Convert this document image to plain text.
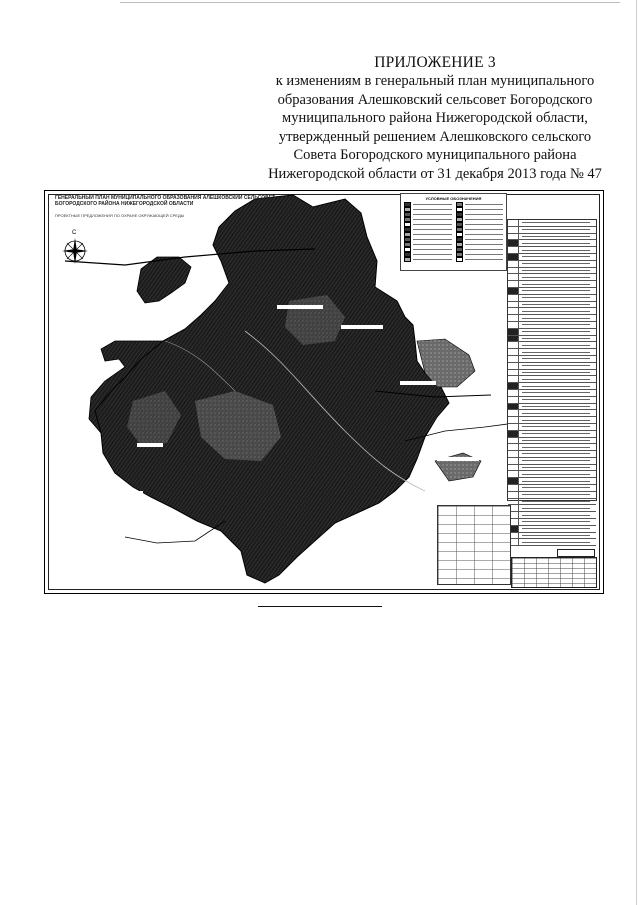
ПРИЛОЖЕНИЕ 3
к изменениям в генеральный план муниципального
образования Алешковский сельсовет Богородского
муниципального района Нижегородской области,
утвержденный решением Алешковского сельского
Совета Богородского муниципального района
Нижегородской области от 31 декабря 2013 года № 47
С
ГЕНЕРАЛЬНЫЙ ПЛАН МУНИЦИПАЛЬНОГО ОБРАЗОВАНИЯ АЛЕШКОВСКИЙ СЕЛЬСОВЕТ БОГОРОДСКОГО РАЙОНА НИЖЕГОРОДСКОЙ ОБЛАСТИ
ПРОЕКТНЫЕ ПРЕДЛОЖЕНИЯ ПО ОХРАНЕ ОКРУЖАЮЩЕЙ СРЕДЫ
УСЛОВНЫЕ ОБОЗНАЧЕНИЯ
